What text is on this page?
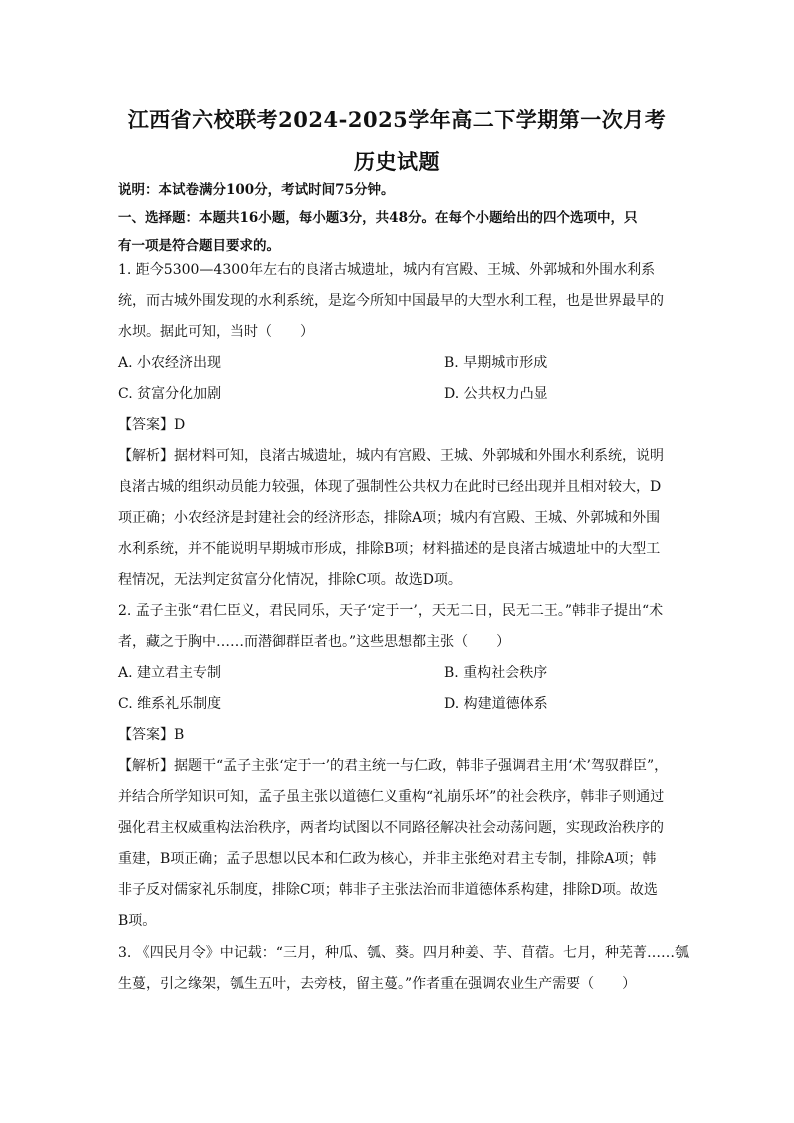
江西省六校联考2024-2025学年高二下学期第一次月考
历史试题
说明：本试卷满分100分，考试时间75分钟。
一、选择题：本题共16小题，每小题3分，共48分。在每个小题给出的四个选项中，只
有一项是符合题目要求的。
1. 距今5300—4300年左右的良渚古城遗址，城内有宫殿、王城、外郭城和外围水利系
统，而古城外围发现的水利系统，是迄今所知中国最早的大型水利工程，也是世界最早的
水坝。据此可知，当时（　　）
A. 小农经济出现	B. 早期城市形成
C. 贫富分化加剧	D. 公共权力凸显
【答案】D
【解析】据材料可知，良渚古城遗址，城内有宫殿、王城、外郭城和外围水利系统，说明
良渚古城的组织动员能力较强，体现了强制性公共权力在此时已经出现并且相对较大，D
项正确；小农经济是封建社会的经济形态，排除A项；城内有宫殿、王城、外郭城和外围
水利系统，并不能说明早期城市形成，排除B项；材料描述的是良渚古城遗址中的大型工
程情况，无法判定贫富分化情况，排除C项。故选D项。
2. 孟子主张“君仁臣义，君民同乐，天子‘定于一’，天无二日，民无二王。”韩非子提出“术
者，藏之于胸中……而潜御群臣者也。”这些思想都主张（　　）
A. 建立君主专制	B. 重构社会秩序
C. 维系礼乐制度	D. 构建道德体系
【答案】B
【解析】据题干“孟子主张‘定于一’的君主统一与仁政，韩非子强调君主用‘术’驾驭群臣”，
并结合所学知识可知，孟子虽主张以道德仁义重构“礼崩乐坏”的社会秩序，韩非子则通过
强化君主权威重构法治秩序，两者均试图以不同路径解决社会动荡问题，实现政治秩序的
重建，B项正确；孟子思想以民本和仁政为核心，并非主张绝对君主专制，排除A项；韩
非子反对儒家礼乐制度，排除C项；韩非子主张法治而非道德体系构建，排除D项。故选
B项。
3. 《四民月令》中记载：“三月，种瓜、瓠、葵。四月种姜、芋、苜蓿。七月，种芜菁……瓠
生蔓，引之缘架，瓠生五叶，去旁枝，留主蔓。”作者重在强调农业生产需要（　　）
